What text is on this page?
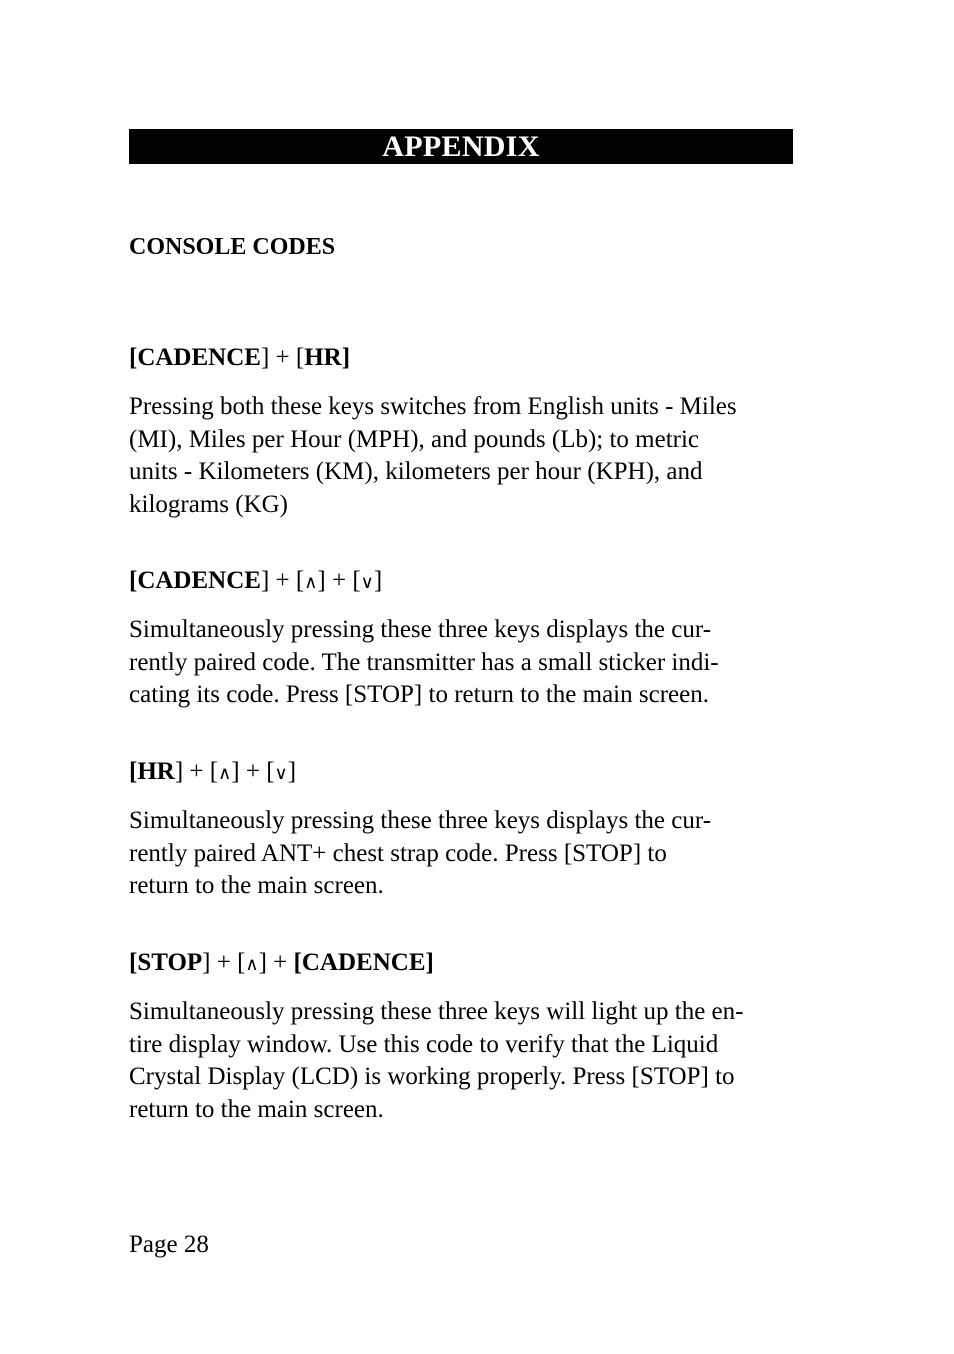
APPENDIX
CONSOLE CODES
[CADENCE] + [HR]
Pressing both these keys switches from English units - Miles
(MI), Miles per Hour (MPH), and pounds (Lb); to metric
units - Kilometers (KM), kilometers per hour (KPH), and
kilograms (KG)
[CADENCE] + [∧] + [∨]
Simultaneously pressing these three keys displays the cur-
rently paired code. The transmitter has a small sticker indi-
cating its code. Press [STOP] to return to the main screen.
[HR] + [∧] + [∨]
Simultaneously pressing these three keys displays the cur-
rently paired ANT+ chest strap code. Press [STOP] to
return to the main screen.
[STOP] + [∧] + [CADENCE]
Simultaneously pressing these three keys will light up the en-
tire display window. Use this code to verify that the Liquid
Crystal Display (LCD) is working properly. Press [STOP] to
return to the main screen.
Page 28
